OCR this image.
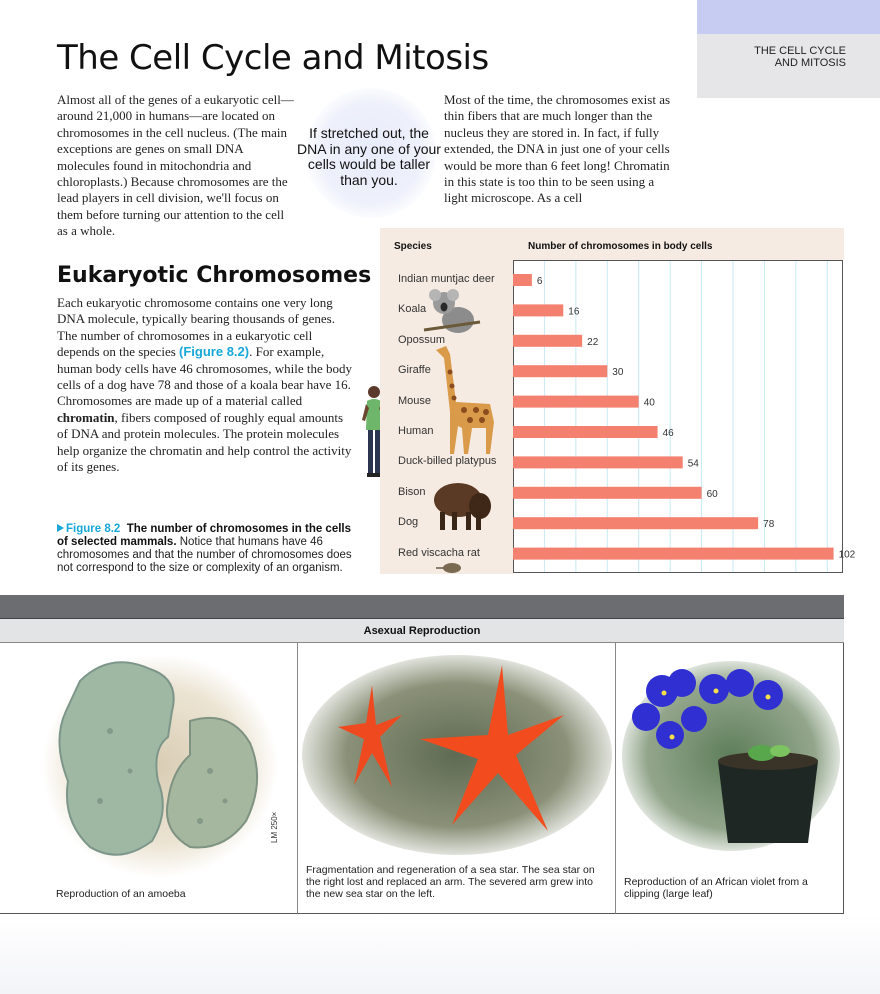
THE CELL CYCLE
AND MITOSIS
The Cell Cycle and Mitosis

Almost all of the genes of a eukaryotic cell—around 21,000 in humans—are located on chromosomes in the cell nucleus. (The main exceptions are genes on small DNA molecules found in mitochondria and chloroplasts.) Because chromosomes are the lead players in cell division, we'll focus on them before turning our attention to the cell as a whole.

If stretched out, the DNA in any one of your cells would be taller than you.

Most of the time, the chromosomes exist as thin fibers that are much longer than the nucleus they are stored in. In fact, if fully extended, the DNA in just one of your cells would be more than 6 feet long! Chromatin in this state is too thin to be seen using a light microscope. As a cell

Eukaryotic Chromosomes

Each eukaryotic chromosome contains one very long DNA molecule, typically bearing thousands of genes. The number of chromosomes in a eukaryotic cell depends on the species (Figure 8.2). For example, human body cells have 46 chromosomes, while the body cells of a dog have 78 and those of a koala bear have 16. Chromosomes are made up of a material called chromatin, fibers composed of roughly equal amounts of DNA and protein molecules. The protein molecules help organize the chromatin and help control the activity of its genes.

Species	Number of chromosomes in body cells
Indian muntjac deer
Koala
Opossum
Giraffe
Mouse
Human
Duck-billed platypus
Bison
Dog
Red viscacha rat
6
16
22
30
40
46
54
60
78
102

Figure 8.2 The number of chromosomes in the cells of selected mammals. Notice that humans have 46 chromosomes and that the number of chromosomes does not correspond to the size or complexity of an organism.

Asexual Reproduction
LM 250×
Reproduction of an amoeba
Fragmentation and regeneration of a sea star. The sea star on the right lost and replaced an arm. The severed arm grew into the new sea star on the left.
Reproduction of an African violet from a clipping (large leaf)
